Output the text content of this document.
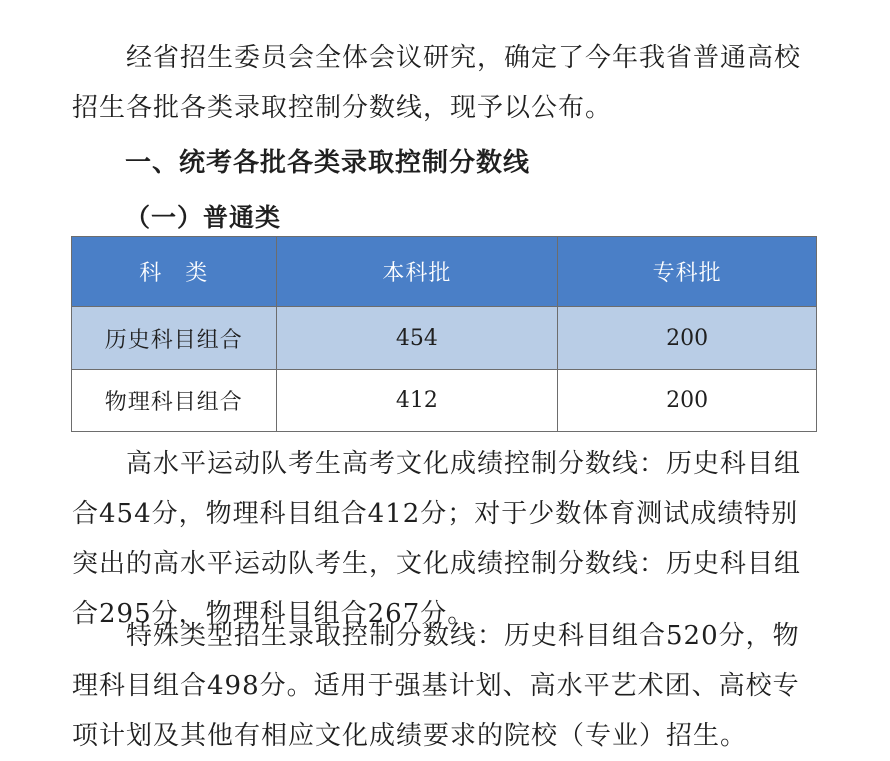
经省招生委员会全体会议研究，确定了今年我省普通高校招生各批各类录取控制分数线，现予以公布。

一、统考各批各类录取控制分数线
（一）普通类
科　类	本科批	专科批
历史科目组合	454	200
物理科目组合	412	200

高水平运动队考生高考文化成绩控制分数线：历史科目组合454分，物理科目组合412分；对于少数体育测试成绩特别突出的高水平运动队考生，文化成绩控制分数线：历史科目组合295分，物理科目组合267分。

特殊类型招生录取控制分数线：历史科目组合520分，物理科目组合498分。适用于强基计划、高水平艺术团、高校专项计划及其他有相应文化成绩要求的院校（专业）招生。
